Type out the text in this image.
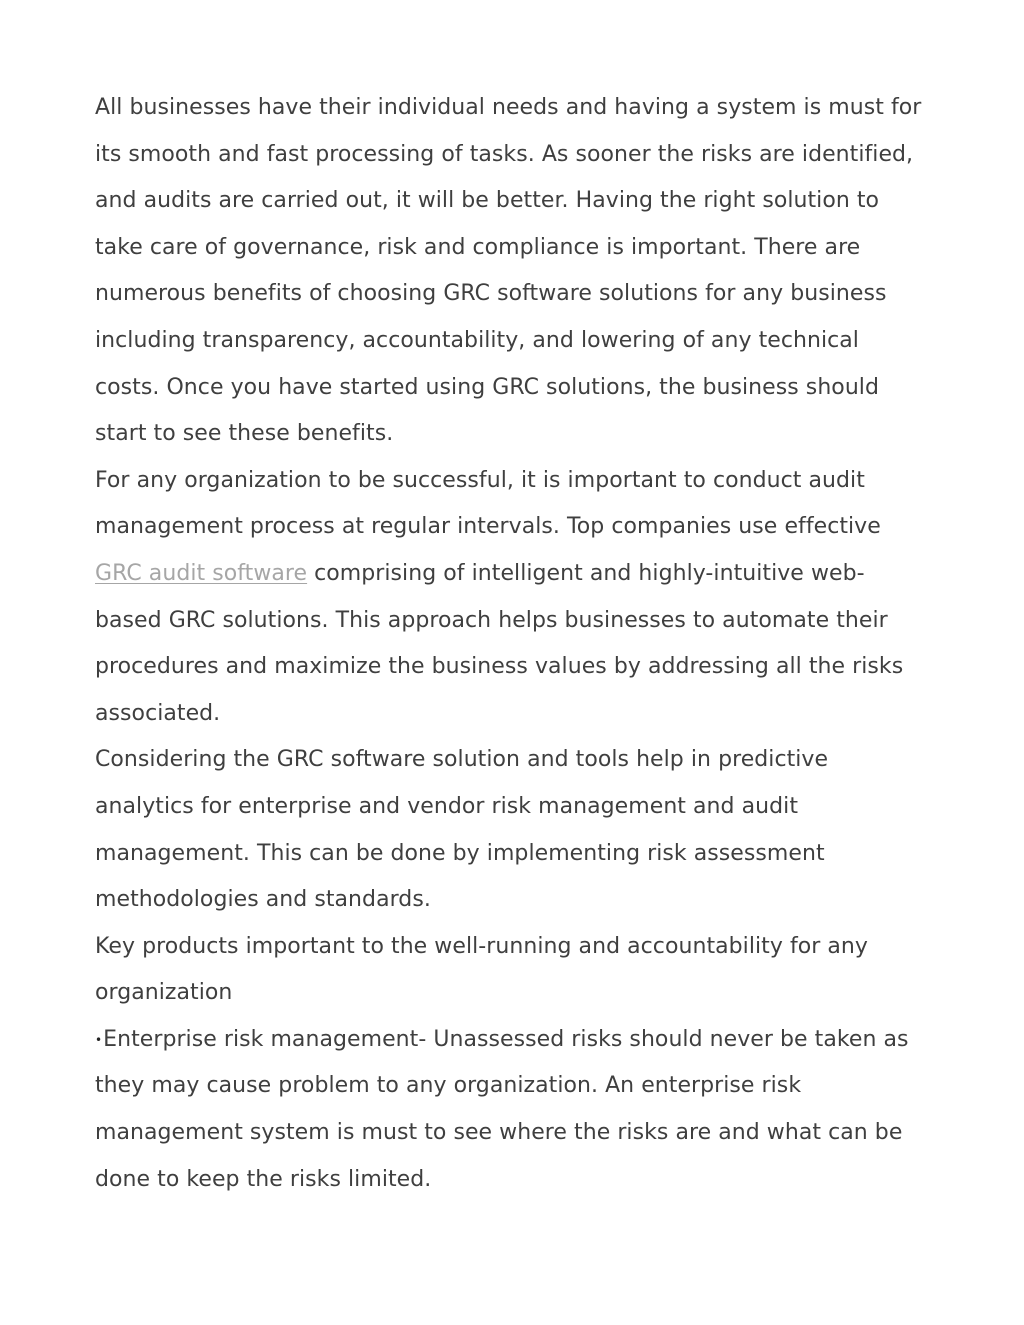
All businesses have their individual needs and having a system is must for its smooth and fast processing of tasks. As sooner the risks are identified, and audits are carried out, it will be better. Having the right solution to take care of governance, risk and compliance is important. There are numerous benefits of choosing GRC software solutions for any business including transparency, accountability, and lowering of any technical costs. Once you have started using GRC solutions, the business should start to see these benefits.

For any organization to be successful, it is important to conduct audit management process at regular intervals. Top companies use effective GRC audit software comprising of intelligent and highly-intuitive web-based GRC solutions. This approach helps businesses to automate their procedures and maximize the business values by addressing all the risks associated.

Considering the GRC software solution and tools help in predictive analytics for enterprise and vendor risk management and audit management. This can be done by implementing risk assessment methodologies and standards.

Key products important to the well-running and accountability for any organization

•Enterprise risk management- Unassessed risks should never be taken as they may cause problem to any organization. An enterprise risk management system is must to see where the risks are and what can be done to keep the risks limited.
